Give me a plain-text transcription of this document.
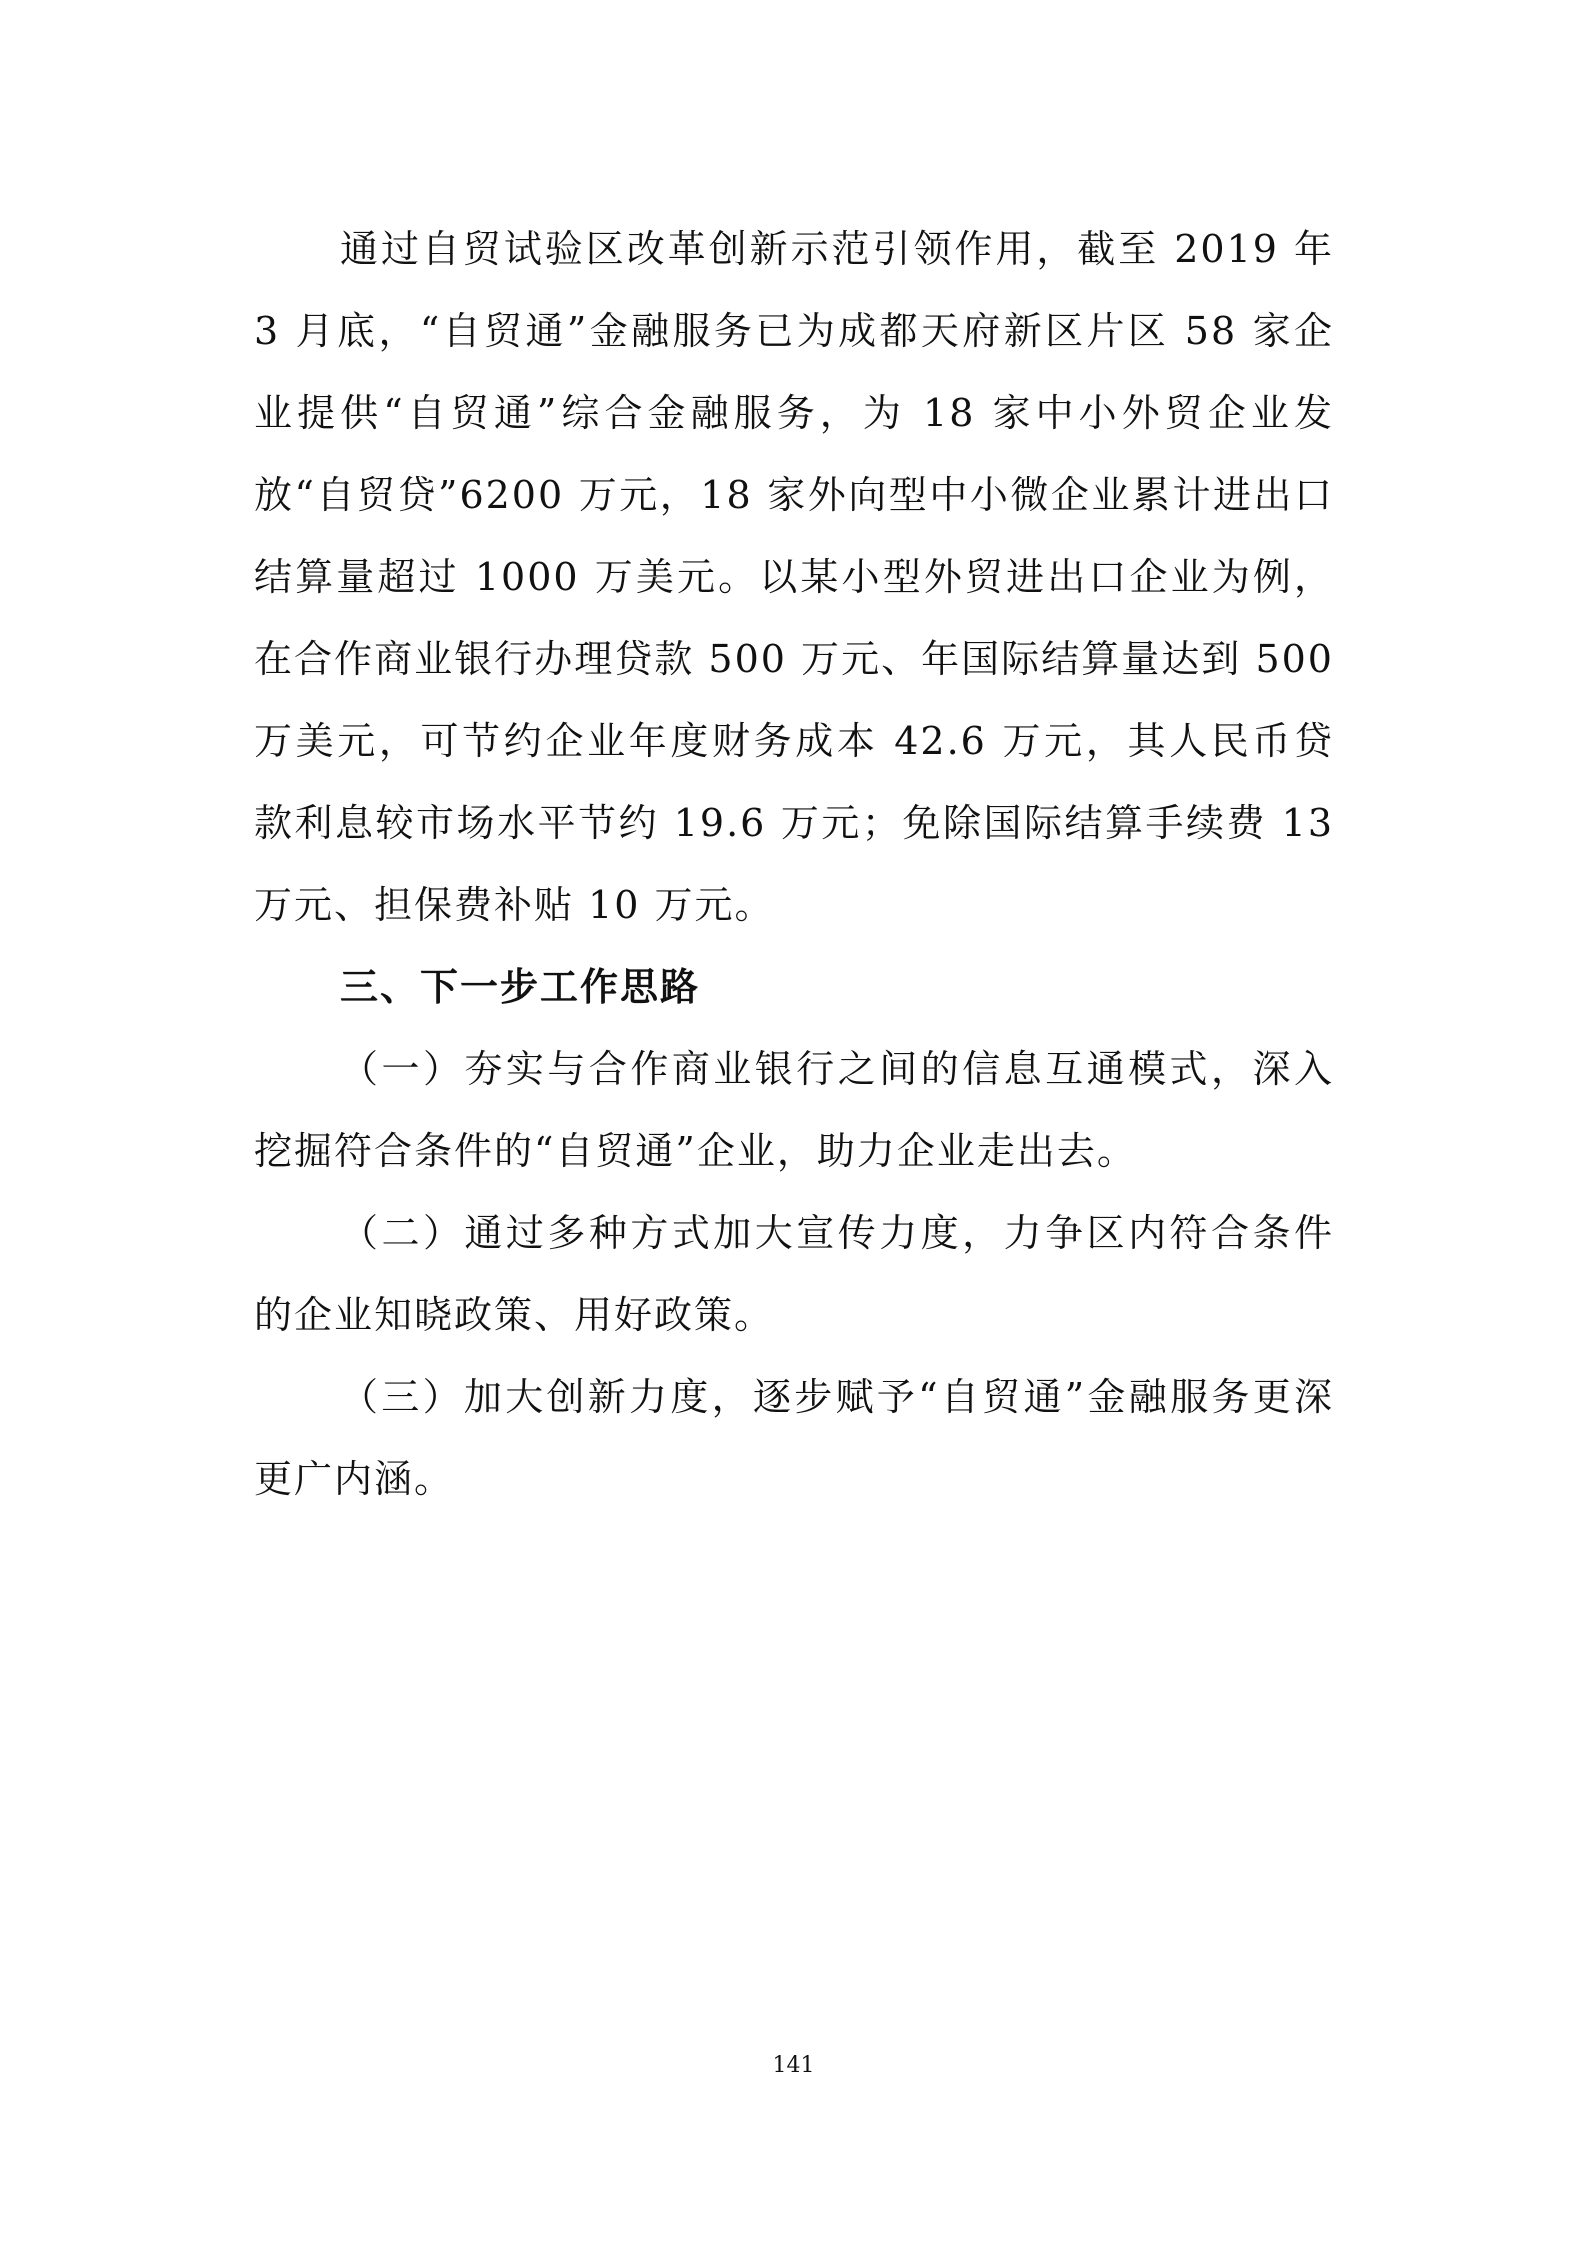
通过自贸试验区改革创新示范引领作用，截至 2019 年 3 月底，“自贸通”金融服务已为成都天府新区片区 58 家企业提供“自贸通”综合金融服务，为 18 家中小外贸企业发放“自贸贷”6200 万元，18 家外向型中小微企业累计进出口结算量超过 1000 万美元。以某小型外贸进出口企业为例，在合作商业银行办理贷款 500 万元、年国际结算量达到 500 万美元，可节约企业年度财务成本 42.6 万元，其人民币贷款利息较市场水平节约 19.6 万元；免除国际结算手续费 13 万元、担保费补贴 10 万元。

三、下一步工作思路

（一）夯实与合作商业银行之间的信息互通模式，深入挖掘符合条件的“自贸通”企业，助力企业走出去。

（二）通过多种方式加大宣传力度，力争区内符合条件的企业知晓政策、用好政策。

（三）加大创新力度，逐步赋予“自贸通”金融服务更深更广内涵。

141
